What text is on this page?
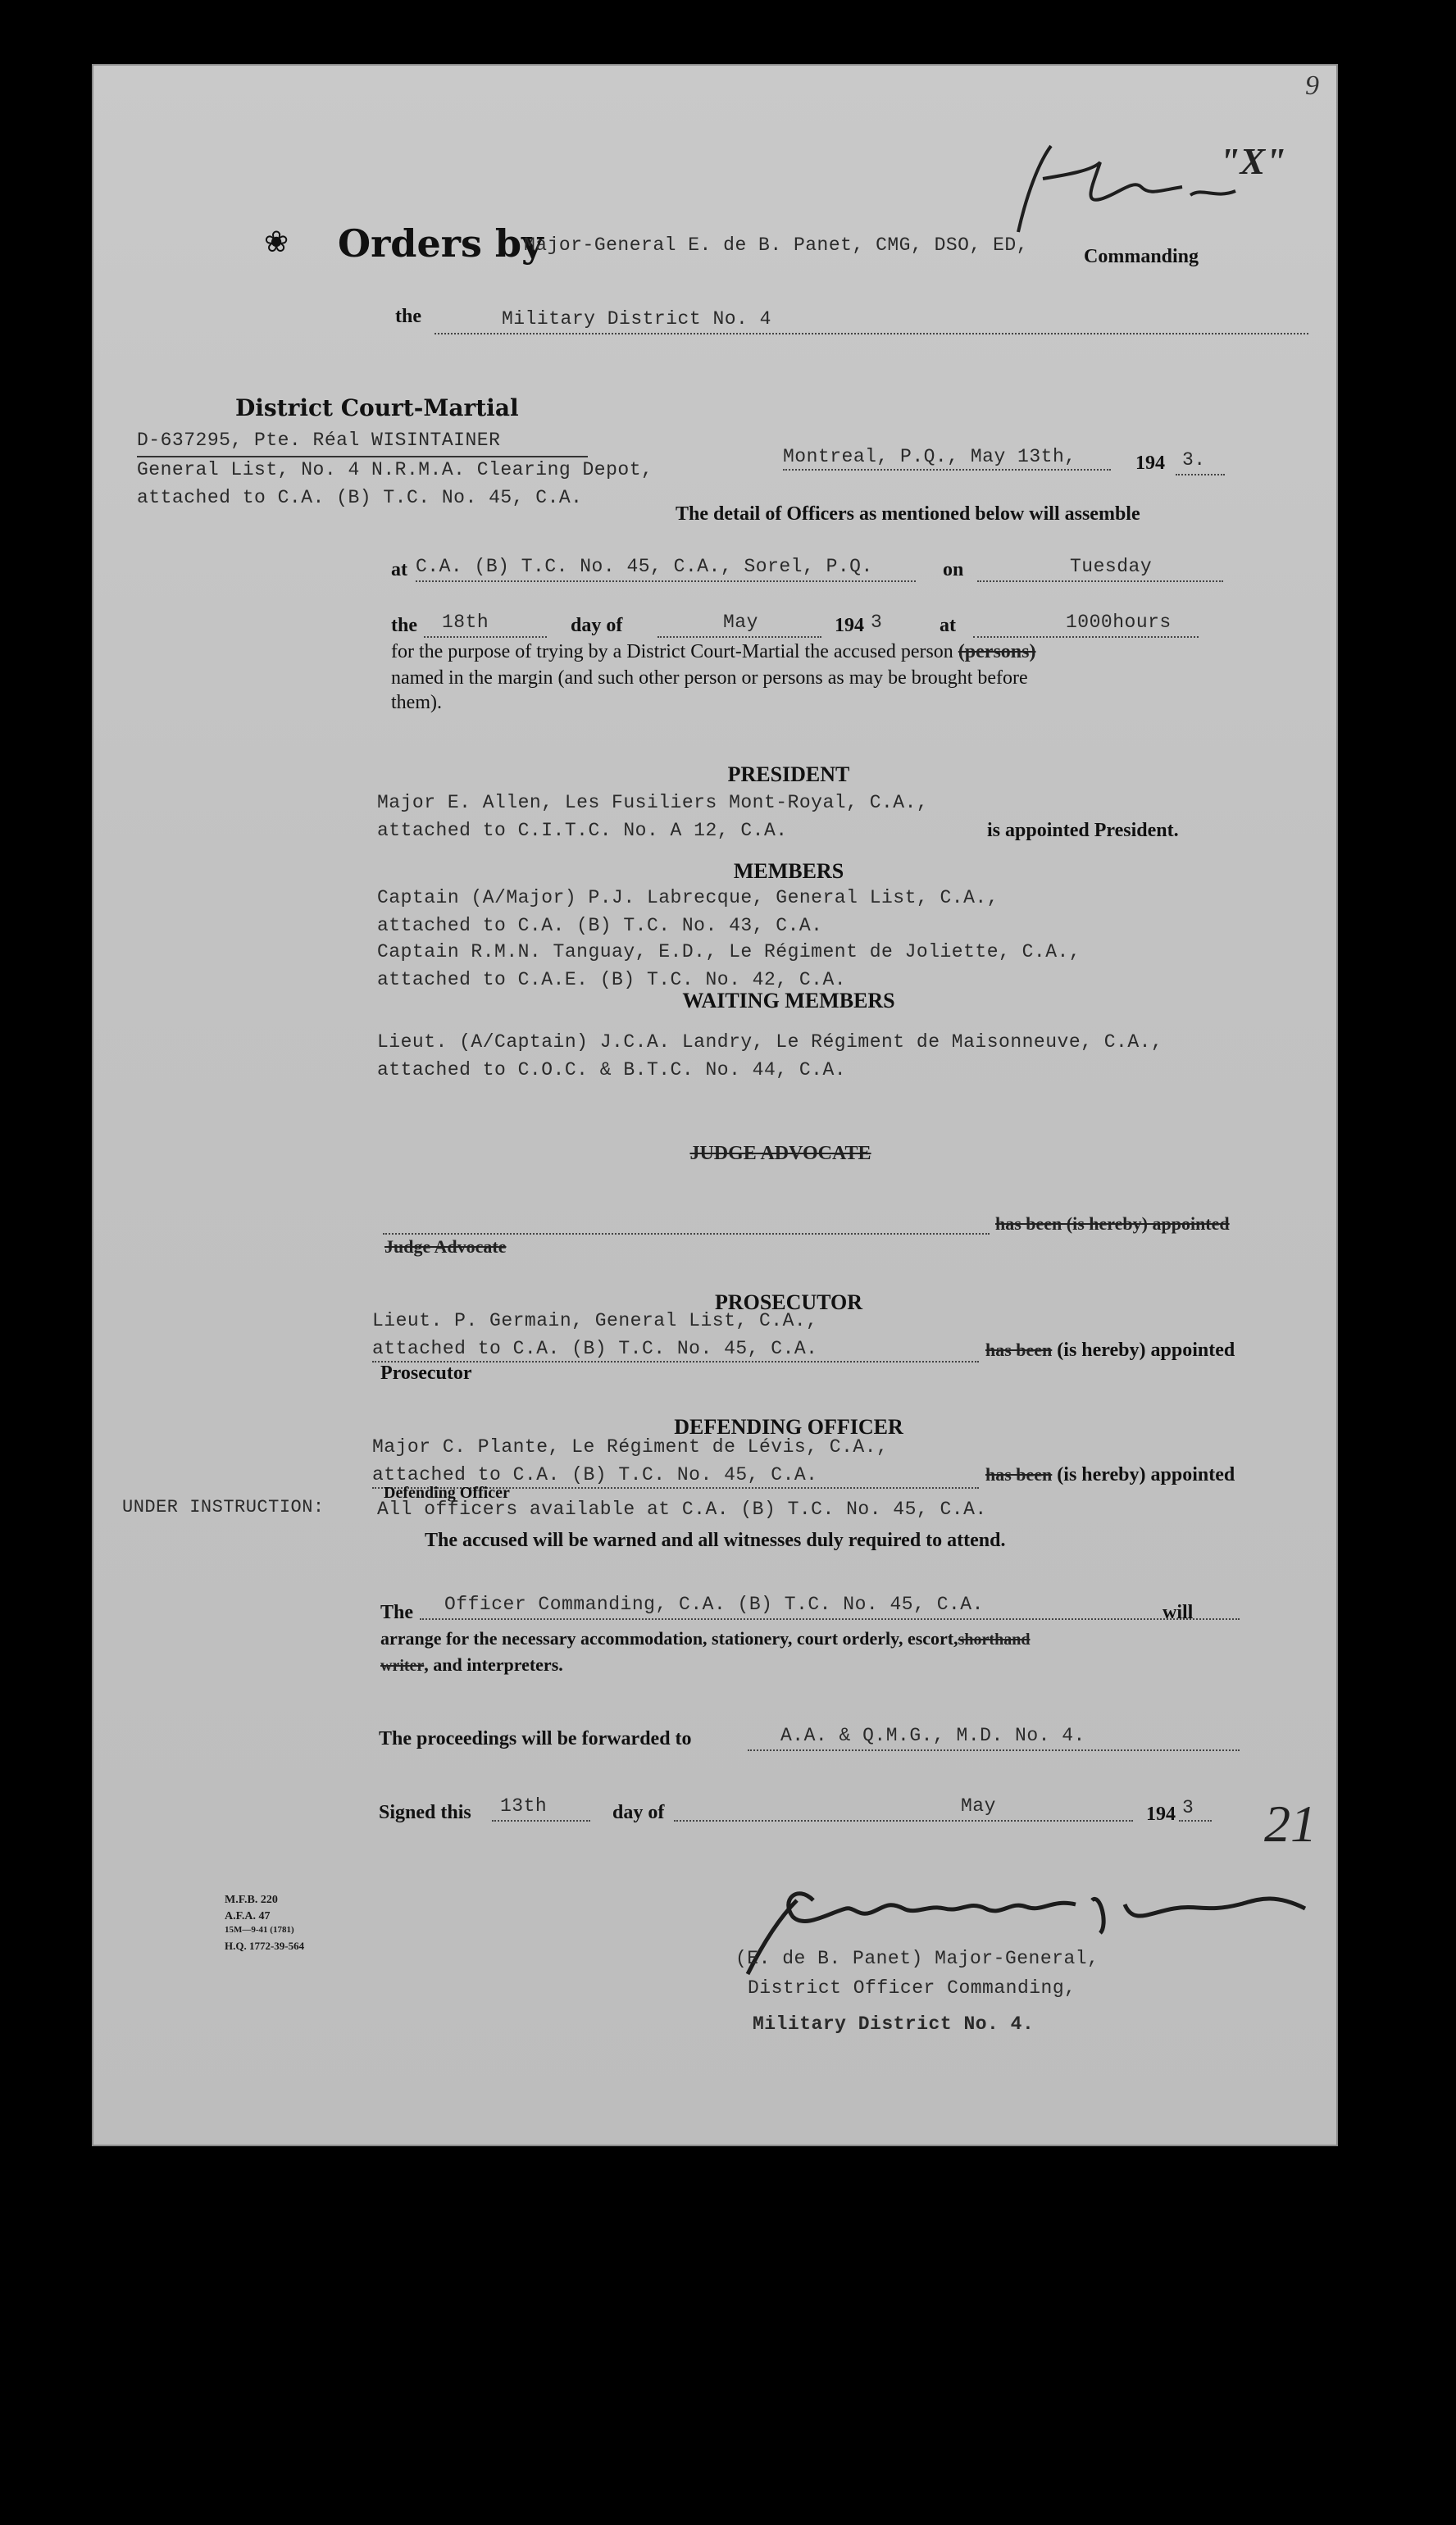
9
"X"
❀ Orders by
Major-General E. de B. Panet, CMG, DSO, ED,
Commanding
the	Military District No. 4
District Court-Martial
D-637295, Pte. Réal WISINTAINER
General List, No. 4 N.R.M.A. Clearing Depot,
attached to C.A. (B) T.C. No. 45, C.A.
Montreal, P.Q., May 13th,	194 3.
The detail of Officers as mentioned below will assemble
at C.A. (B) T.C. No. 45, C.A., Sorel, P.Q.	on	Tuesday
the 18th	day of	May	194 3	at	1000hours
for the purpose of trying by a District Court-Martial the accused person (persons)
named in the margin (and such other person or persons as may be brought before
them).
PRESIDENT
Major E. Allen, Les Fusiliers Mont-Royal, C.A.,
attached to C.I.T.C. No. A 12, C.A.	is appointed President.
MEMBERS
Captain (A/Major) P.J. Labrecque, General List, C.A.,
attached to C.A. (B) T.C. No. 43, C.A.
Captain R.M.N. Tanguay, E.D., Le Régiment de Joliette, C.A.,
attached to C.A.E. (B) T.C. No. 42, C.A.
WAITING MEMBERS
Lieut. (A/Captain) J.C.A. Landry, Le Régiment de Maisonneuve, C.A.,
attached to C.O.C. & B.T.C. No. 44, C.A.
JUDGE ADVOCATE
Judge Advocate
has been (is hereby) appointed
PROSECUTOR
Lieut. P. Germain, General List, C.A.,
attached to C.A. (B) T.C. No. 45, C.A.	has been (is hereby) appointed
Prosecutor
DEFENDING OFFICER
Major C. Plante, Le Régiment de Lévis, C.A.,
attached to C.A. (B) T.C. No. 45, C.A.	has been (is hereby) appointed
Defending Officer
UNDER INSTRUCTION:	All officers available at C.A. (B) T.C. No. 45, C.A.
The accused will be warned and all witnesses duly required to attend.
The Officer Commanding, C.A. (B) T.C. No. 45, C.A.	will
arrange for the necessary accommodation, stationery, court orderly, escort,shorthand
writer, and interpreters.
The proceedings will be forwarded to	A.A. & Q.M.G., M.D. No. 4.
Signed this 13th	day of	May	194 3 21
M.F.B. 220
A.F.A. 47
15M—9-41 (1781)
H.Q. 1772-39-564
(E. de B. Panet) Major-General,
District Officer Commanding,
Military District No. 4.
